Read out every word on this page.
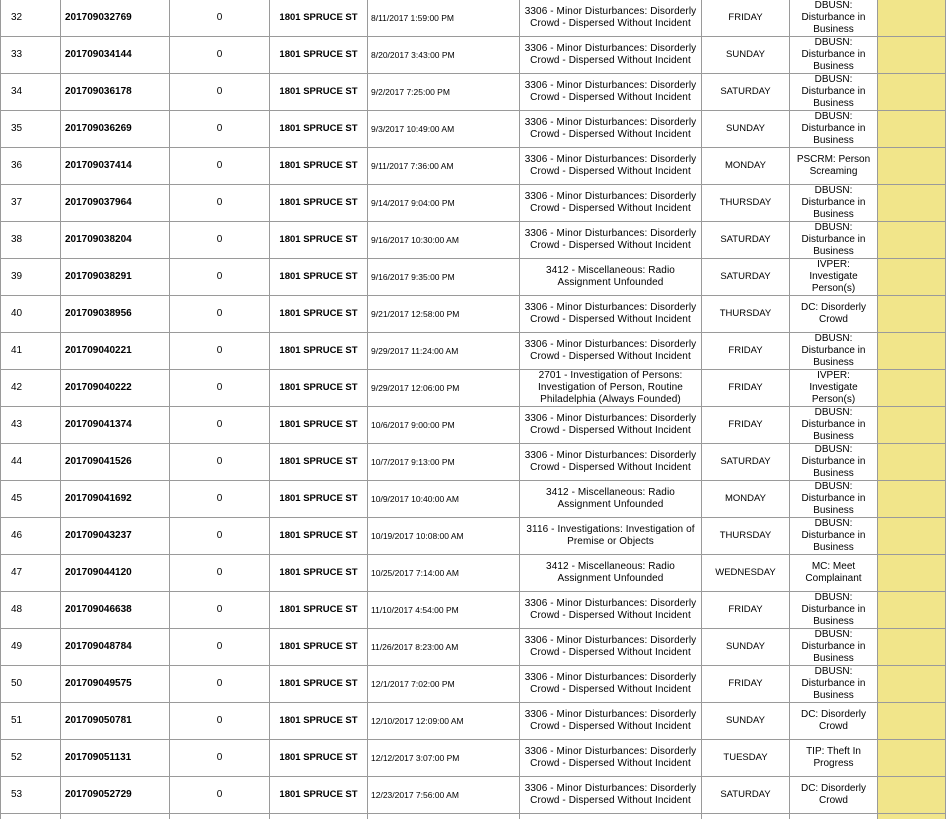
32	201709032769	0	1801 SPRUCE ST	8/11/2017 1:59:00 PM	3306 - Minor Disturbances: Disorderly Crowd - Dispersed Without Incident	FRIDAY	DBUSN: Disturbance in Business	
33	201709034144	0	1801 SPRUCE ST	8/20/2017 3:43:00 PM	3306 - Minor Disturbances: Disorderly Crowd - Dispersed Without Incident	SUNDAY	DBUSN: Disturbance in Business	
34	201709036178	0	1801 SPRUCE ST	9/2/2017 7:25:00 PM	3306 - Minor Disturbances: Disorderly Crowd - Dispersed Without Incident	SATURDAY	DBUSN: Disturbance in Business	
35	201709036269	0	1801 SPRUCE ST	9/3/2017 10:49:00 AM	3306 - Minor Disturbances: Disorderly Crowd - Dispersed Without Incident	SUNDAY	DBUSN: Disturbance in Business	
36	201709037414	0	1801 SPRUCE ST	9/11/2017 7:36:00 AM	3306 - Minor Disturbances: Disorderly Crowd - Dispersed Without Incident	MONDAY	PSCRM: Person Screaming	
37	201709037964	0	1801 SPRUCE ST	9/14/2017 9:04:00 PM	3306 - Minor Disturbances: Disorderly Crowd - Dispersed Without Incident	THURSDAY	DBUSN: Disturbance in Business	
38	201709038204	0	1801 SPRUCE ST	9/16/2017 10:30:00 AM	3306 - Minor Disturbances: Disorderly Crowd - Dispersed Without Incident	SATURDAY	DBUSN: Disturbance in Business	
39	201709038291	0	1801 SPRUCE ST	9/16/2017 9:35:00 PM	3412 - Miscellaneous: Radio Assignment Unfounded	SATURDAY	IVPER: Investigate Person(s)	
40	201709038956	0	1801 SPRUCE ST	9/21/2017 12:58:00 PM	3306 - Minor Disturbances: Disorderly Crowd - Dispersed Without Incident	THURSDAY	DC: Disorderly Crowd	
41	201709040221	0	1801 SPRUCE ST	9/29/2017 11:24:00 AM	3306 - Minor Disturbances: Disorderly Crowd - Dispersed Without Incident	FRIDAY	DBUSN: Disturbance in Business	
42	201709040222	0	1801 SPRUCE ST	9/29/2017 12:06:00 PM	2701 - Investigation of Persons: Investigation of Person, Routine Philadelphia (Always Founded)	FRIDAY	IVPER: Investigate Person(s)	
43	201709041374	0	1801 SPRUCE ST	10/6/2017 9:00:00 PM	3306 - Minor Disturbances: Disorderly Crowd - Dispersed Without Incident	FRIDAY	DBUSN: Disturbance in Business	
44	201709041526	0	1801 SPRUCE ST	10/7/2017 9:13:00 PM	3306 - Minor Disturbances: Disorderly Crowd - Dispersed Without Incident	SATURDAY	DBUSN: Disturbance in Business	
45	201709041692	0	1801 SPRUCE ST	10/9/2017 10:40:00 AM	3412 - Miscellaneous: Radio Assignment Unfounded	MONDAY	DBUSN: Disturbance in Business	
46	201709043237	0	1801 SPRUCE ST	10/19/2017 10:08:00 AM	3116 - Investigations: Investigation of Premise or Objects	THURSDAY	DBUSN: Disturbance in Business	
47	201709044120	0	1801 SPRUCE ST	10/25/2017 7:14:00 AM	3412 - Miscellaneous: Radio Assignment Unfounded	WEDNESDAY	MC: Meet Complainant	
48	201709046638	0	1801 SPRUCE ST	11/10/2017 4:54:00 PM	3306 - Minor Disturbances: Disorderly Crowd - Dispersed Without Incident	FRIDAY	DBUSN: Disturbance in Business	
49	201709048784	0	1801 SPRUCE ST	11/26/2017 8:23:00 AM	3306 - Minor Disturbances: Disorderly Crowd - Dispersed Without Incident	SUNDAY	DBUSN: Disturbance in Business	
50	201709049575	0	1801 SPRUCE ST	12/1/2017 7:02:00 PM	3306 - Minor Disturbances: Disorderly Crowd - Dispersed Without Incident	FRIDAY	DBUSN: Disturbance in Business	
51	201709050781	0	1801 SPRUCE ST	12/10/2017 12:09:00 AM	3306 - Minor Disturbances: Disorderly Crowd - Dispersed Without Incident	SUNDAY	DC: Disorderly Crowd	
52	201709051131	0	1801 SPRUCE ST	12/12/2017 3:07:00 PM	3306 - Minor Disturbances: Disorderly Crowd - Dispersed Without Incident	TUESDAY	TIP: Theft In Progress	
53	201709052729	0	1801 SPRUCE ST	12/23/2017 7:56:00 AM	3306 - Minor Disturbances: Disorderly Crowd - Dispersed Without Incident	SATURDAY	DC: Disorderly Crowd	
